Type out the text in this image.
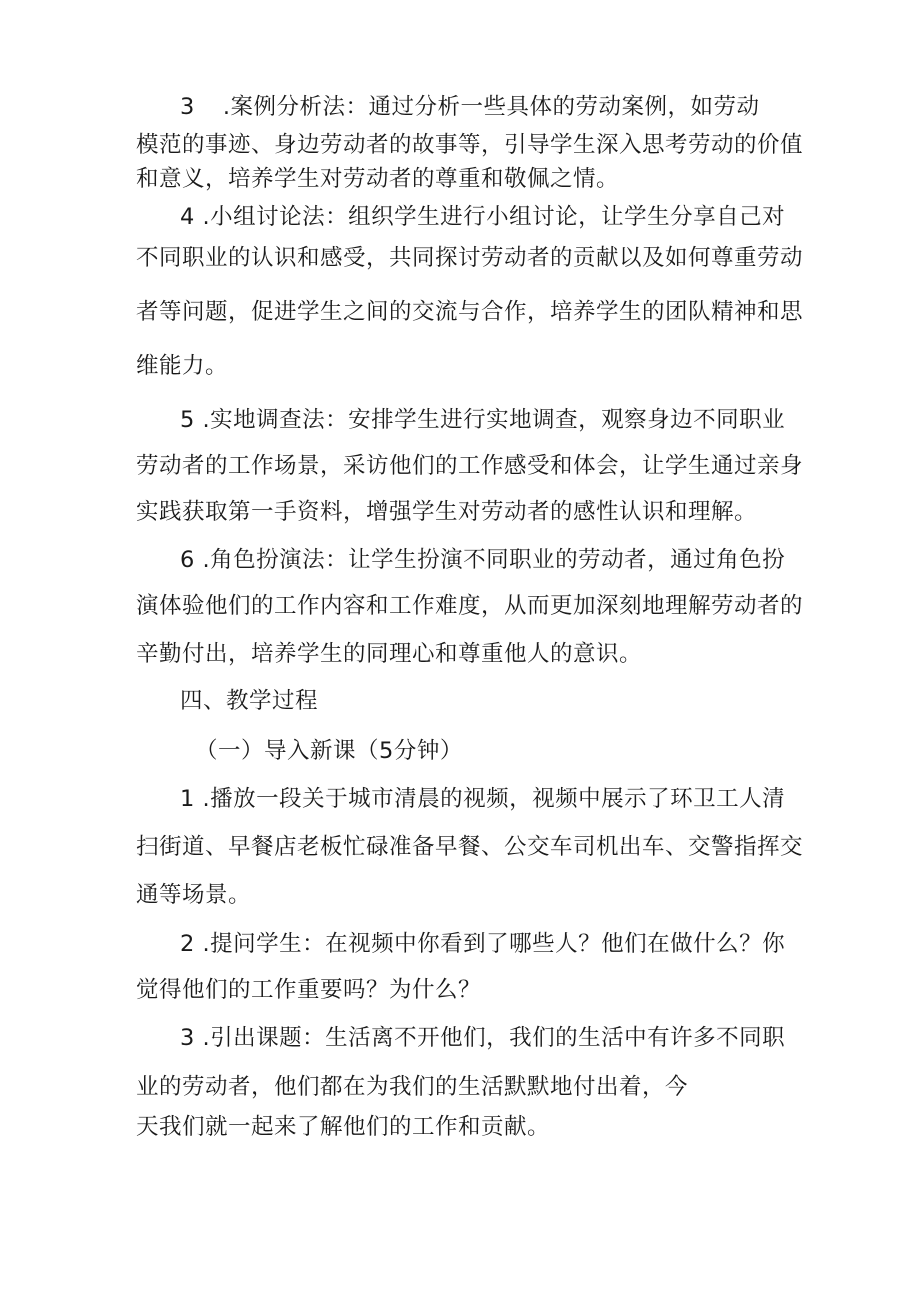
3 .案例分析法：通过分析一些具体的劳动案例，如劳动
模范的事迹、身边劳动者的故事等，引导学生深入思考劳动的价值
和意义，培养学生对劳动者的尊重和敬佩之情。
4 .小组讨论法：组织学生进行小组讨论，让学生分享自己对
不同职业的认识和感受，共同探讨劳动者的贡献以及如何尊重劳动
者等问题，促进学生之间的交流与合作，培养学生的团队精神和思
维能力。
5 .实地调查法：安排学生进行实地调查，观察身边不同职业
劳动者的工作场景，采访他们的工作感受和体会，让学生通过亲身
实践获取第一手资料，增强学生对劳动者的感性认识和理解。
6 .角色扮演法：让学生扮演不同职业的劳动者，通过角色扮
演体验他们的工作内容和工作难度，从而更加深刻地理解劳动者的
辛勤付出，培养学生的同理心和尊重他人的意识。
四、教学过程
（一）导入新课（5分钟）
1 .播放一段关于城市清晨的视频，视频中展示了环卫工人清
扫街道、早餐店老板忙碌准备早餐、公交车司机出车、交警指挥交
通等场景。
2 .提问学生：在视频中你看到了哪些人？他们在做什么？你
觉得他们的工作重要吗？为什么？
3 .引出课题：生活离不开他们，我们的生活中有许多不同职
业的劳动者，他们都在为我们的生活默默地付出着，今
天我们就一起来了解他们的工作和贡献。
